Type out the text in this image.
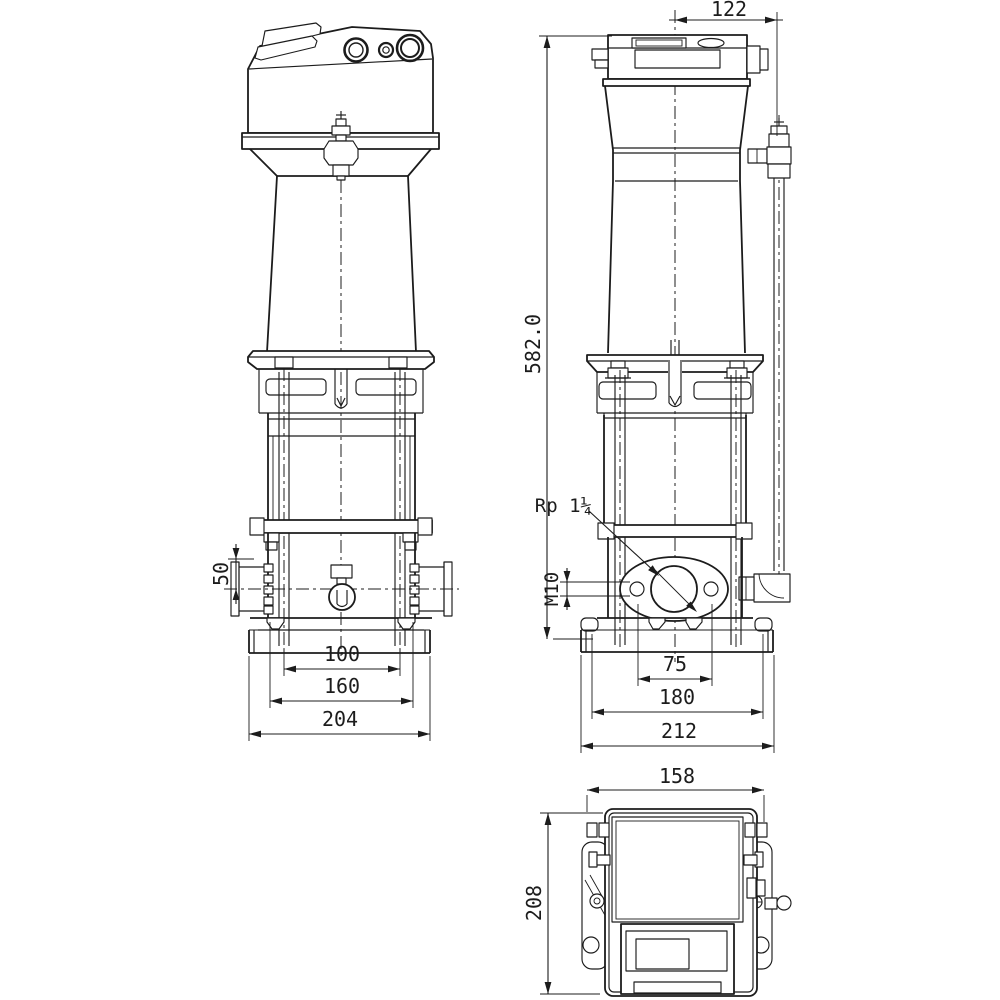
50
100
160
204
Rp 1¼
M10
122
582.0
75
180
212
158
208
